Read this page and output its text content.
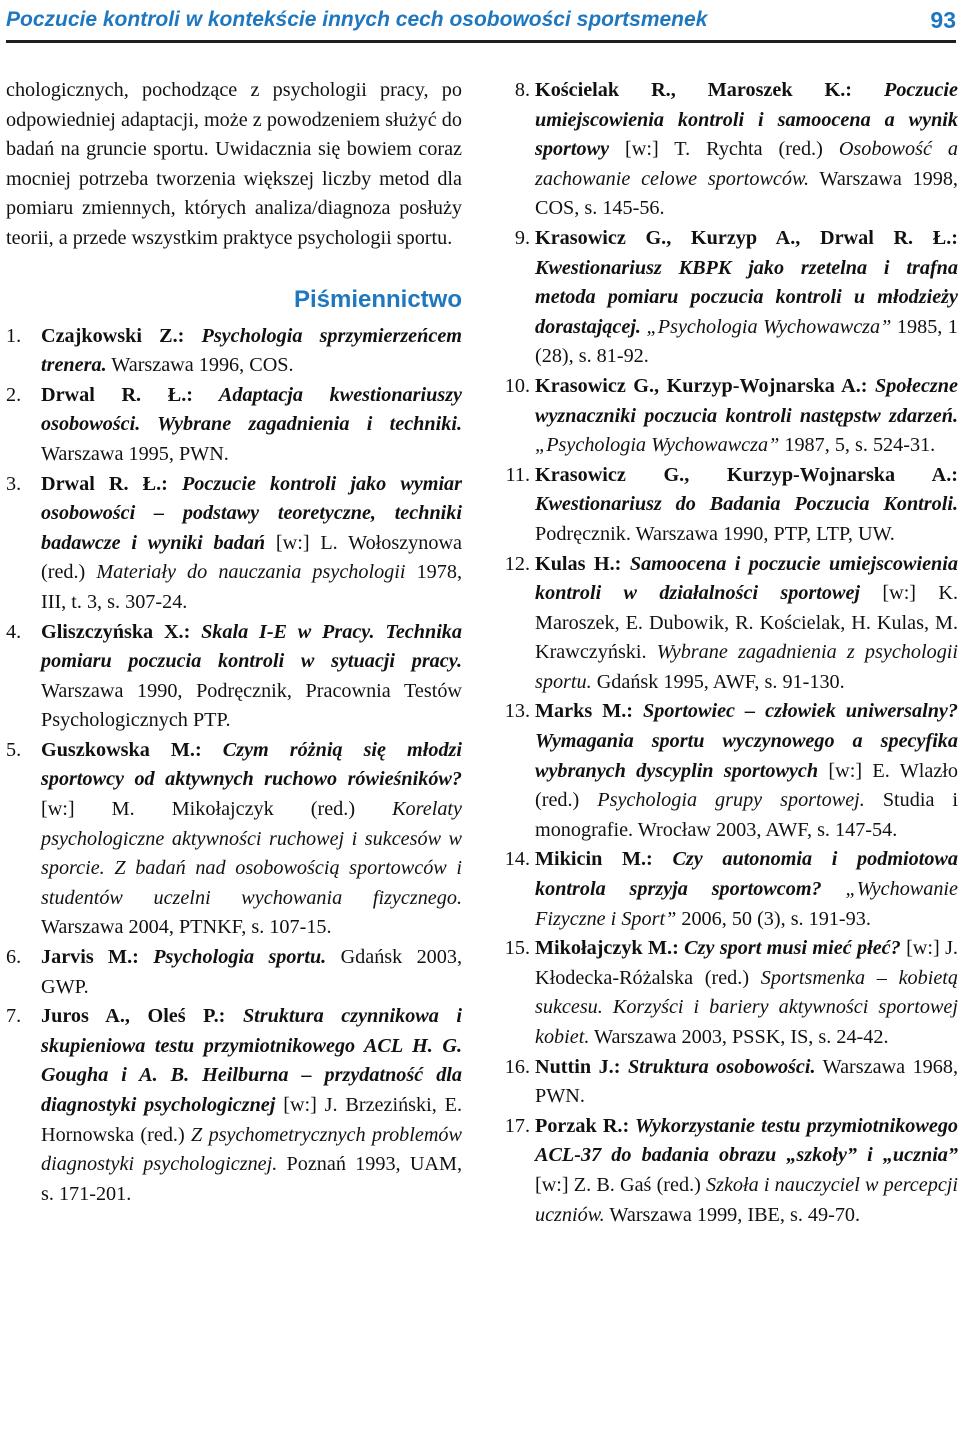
Poczucie kontroli w kontekście innych cech osobowości sportsmenek	93

chologicznych, pochodzące z psychologii pracy, po odpowiedniej adaptacji, może z powodzeniem służyć do badań na gruncie sportu. Uwidacznia się bowiem coraz mocniej potrzeba tworzenia większej liczby metod dla pomiaru zmiennych, których analiza/diagnoza posłuży teorii, a przede wszystkim praktyce psychologii sportu.

Piśmiennictwo
1. Czajkowski Z.: Psychologia sprzymierzeńcem trenera. Warszawa 1996, COS.
2. Drwal R. Ł.: Adaptacja kwestionariuszy osobowości. Wybrane zagadnienia i techniki. Warszawa 1995, PWN.
3. Drwal R. Ł.: Poczucie kontroli jako wymiar osobowości – podstawy teoretyczne, techniki badawcze i wyniki badań [w:] L. Wołoszynowa (red.) Materiały do nauczania psychologii 1978, III, t. 3, s. 307-24.
4. Gliszczyńska X.: Skala I-E w Pracy. Technika pomiaru poczucia kontroli w sytuacji pracy. Warszawa 1990, Podręcznik, Pracownia Testów Psychologicznych PTP.
5. Guszkowska M.: Czym różnią się młodzi sportowcy od aktywnych ruchowo rówieśników? [w:] M. Mikołajczyk (red.) Korelaty psychologiczne aktywności ruchowej i sukcesów w sporcie. Z badań nad osobowością sportowców i studentów uczelni wychowania fizycznego. Warszawa 2004, PTNKF, s. 107-15.
6. Jarvis M.: Psychologia sportu. Gdańsk 2003, GWP.
7. Juros A., Oleś P.: Struktura czynnikowa i skupieniowa testu przymiotnikowego ACL H. G. Gougha i A. B. Heilburna – przydatność dla diagnostyki psychologicznej [w:] J. Brzeziński, E. Hornowska (red.) Z psychometrycznych problemów diagnostyki psychologicznej. Poznań 1993, UAM, s. 171-201.
8. Kościelak R., Maroszek K.: Poczucie umiejscowienia kontroli i samoocena a wynik sportowy [w:] T. Rychta (red.) Osobowość a zachowanie celowe sportowców. Warszawa 1998, COS, s. 145-56.
9. Krasowicz G., Kurzyp A., Drwal R. Ł.: Kwestionariusz KBPK jako rzetelna i trafna metoda pomiaru poczucia kontroli u młodzieży dorastającej. „Psychologia Wychowawcza” 1985, 1 (28), s. 81-92.
10. Krasowicz G., Kurzyp-Wojnarska A.: Społeczne wyznaczniki poczucia kontroli następstw zdarzeń. „Psychologia Wychowawcza” 1987, 5, s. 524-31.
11. Krasowicz G., Kurzyp-Wojnarska A.: Kwestionariusz do Badania Poczucia Kontroli. Podręcznik. Warszawa 1990, PTP, LTP, UW.
12. Kulas H.: Samoocena i poczucie umiejscowienia kontroli w działalności sportowej [w:] K. Maroszek, E. Dubowik, R. Kościelak, H. Kulas, M. Krawczyński. Wybrane zagadnienia z psychologii sportu. Gdańsk 1995, AWF, s. 91-130.
13. Marks M.: Sportowiec – człowiek uniwersalny? Wymagania sportu wyczynowego a specyfika wybranych dyscyplin sportowych [w:] E. Wlazło (red.) Psychologia grupy sportowej. Studia i monografie. Wrocław 2003, AWF, s. 147-54.
14. Mikicin M.: Czy autonomia i podmiotowa kontrola sprzyja sportowcom? „Wychowanie Fizyczne i Sport” 2006, 50 (3), s. 191-93.
15. Mikołajczyk M.: Czy sport musi mieć płeć? [w:] J. Kłodecka-Różalska (red.) Sportsmenka – kobietą sukcesu. Korzyści i bariery aktywności sportowej kobiet. Warszawa 2003, PSSK, IS, s. 24-42.
16. Nuttin J.: Struktura osobowości. Warszawa 1968, PWN.
17. Porzak R.: Wykorzystanie testu przymiotnikowego ACL-37 do badania obrazu „szkoły” i „ucznia” [w:] Z. B. Gaś (red.) Szkoła i nauczyciel w percepcji uczniów. Warszawa 1999, IBE, s. 49-70.
